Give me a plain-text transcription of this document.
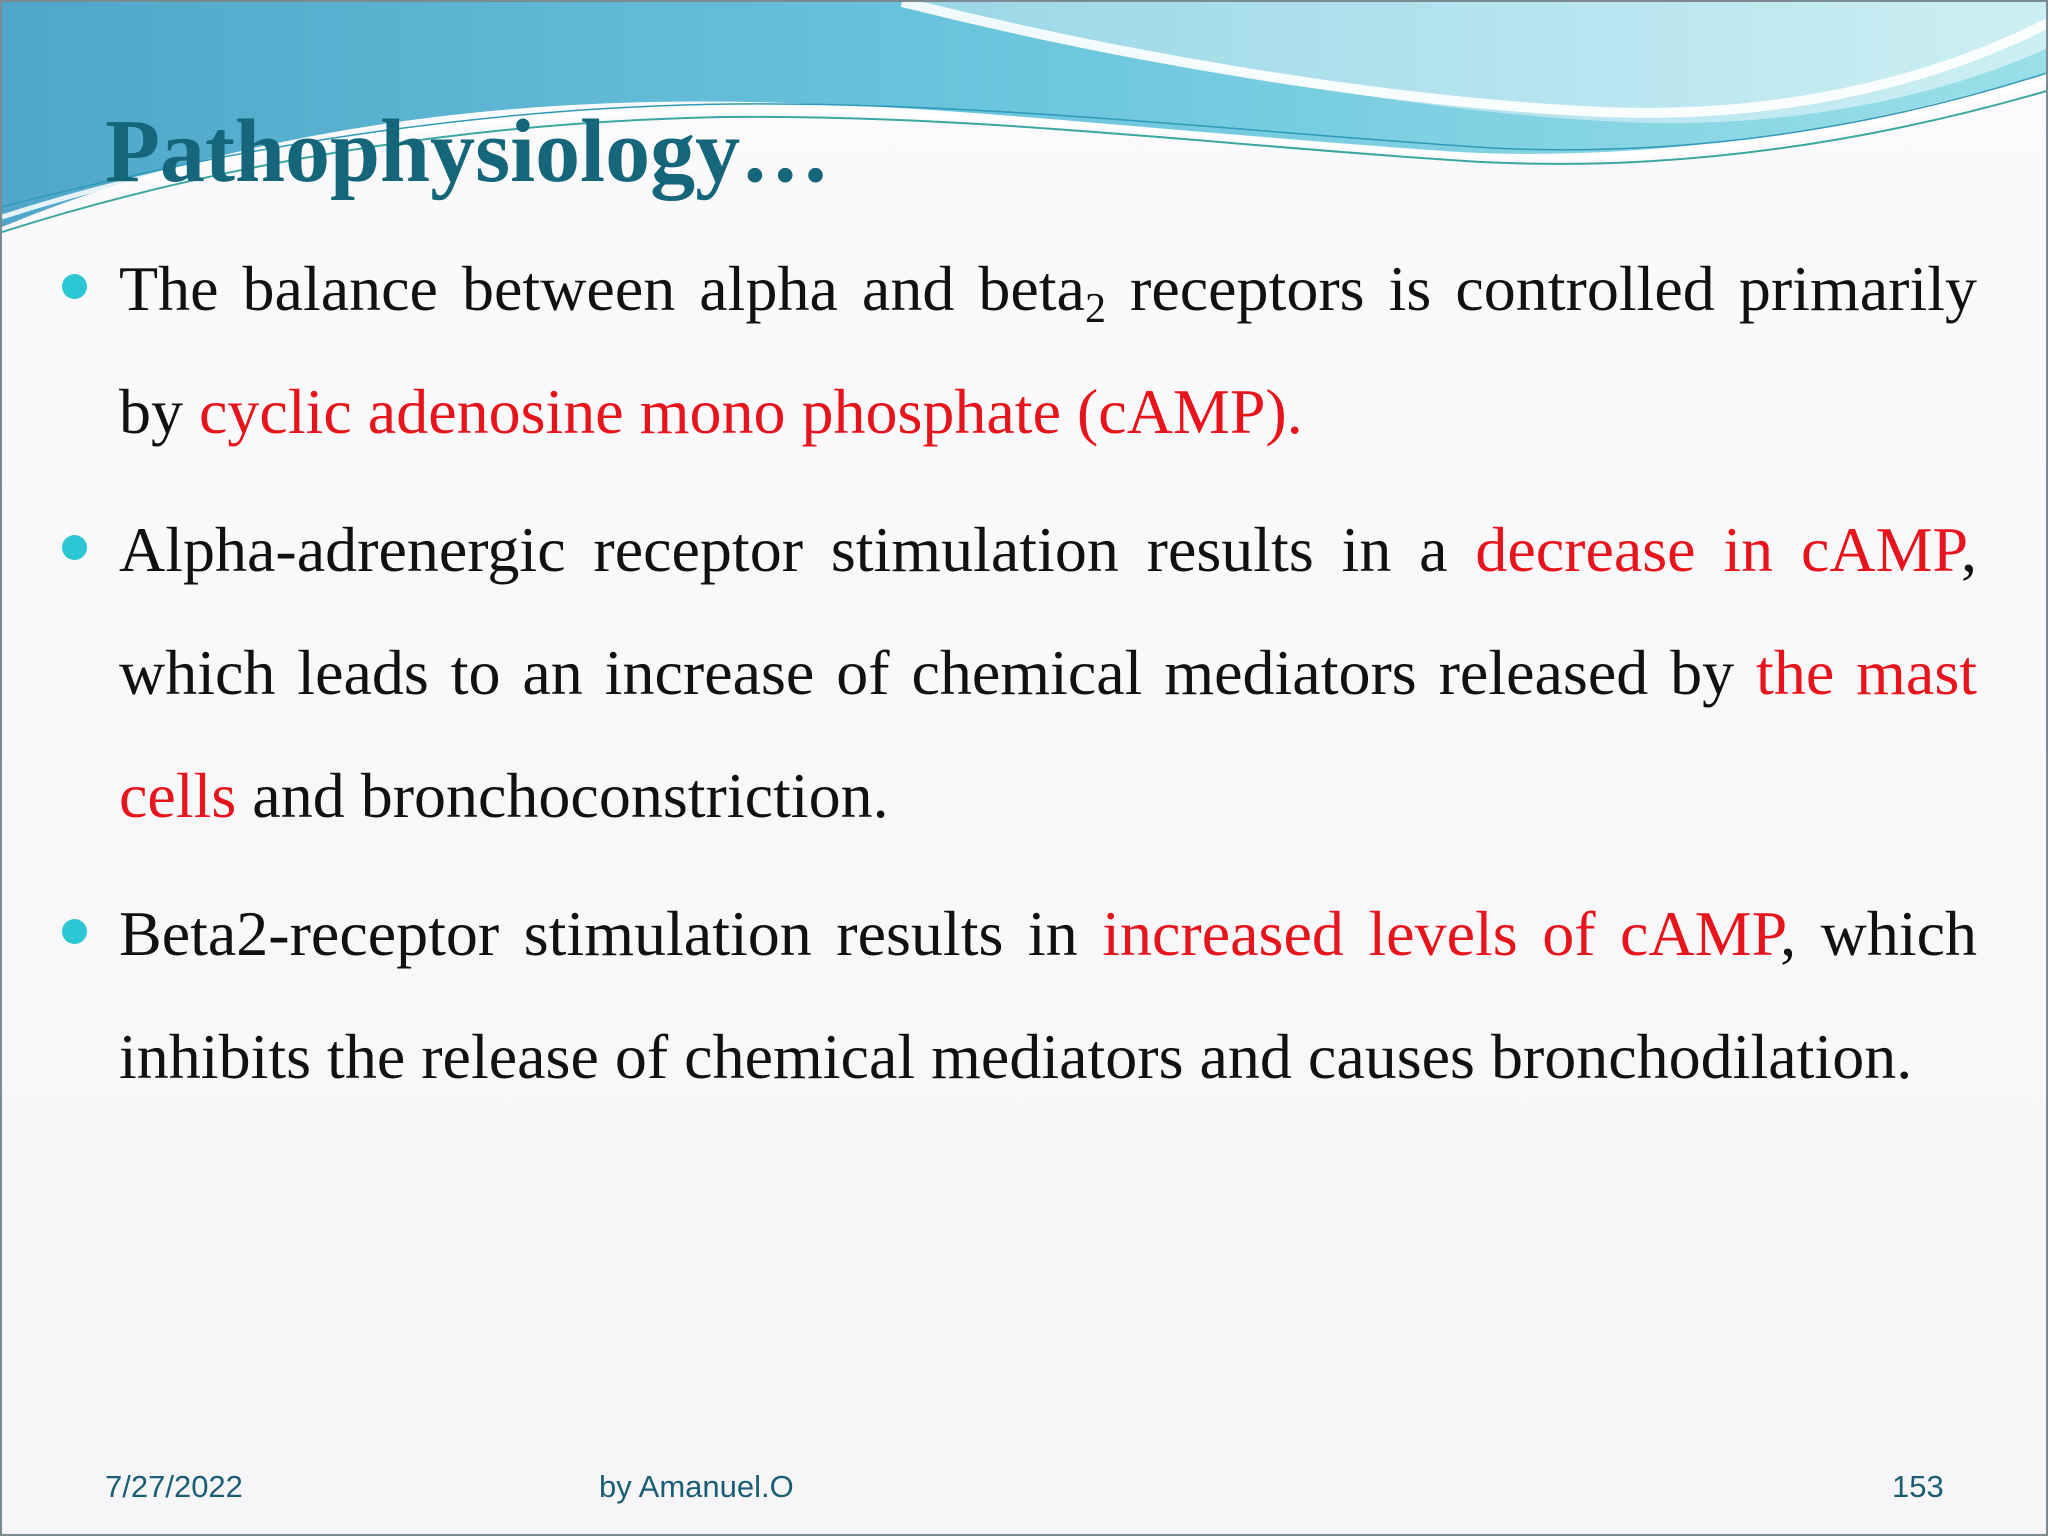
Pathophysiology…
The balance between alpha and beta$_2$ receptors is controlled primarily by cyclic adenosine mono phosphate (cAMP).
Alpha-adrenergic receptor stimulation results in a decrease in cAMP, which leads to an increase of chemical mediators released by the mast cells and bronchoconstriction.
Beta2-receptor stimulation results in increased levels of cAMP, which inhibits the release of chemical mediators and causes bronchodilation.
7/27/2022	by Amanuel.O	153
